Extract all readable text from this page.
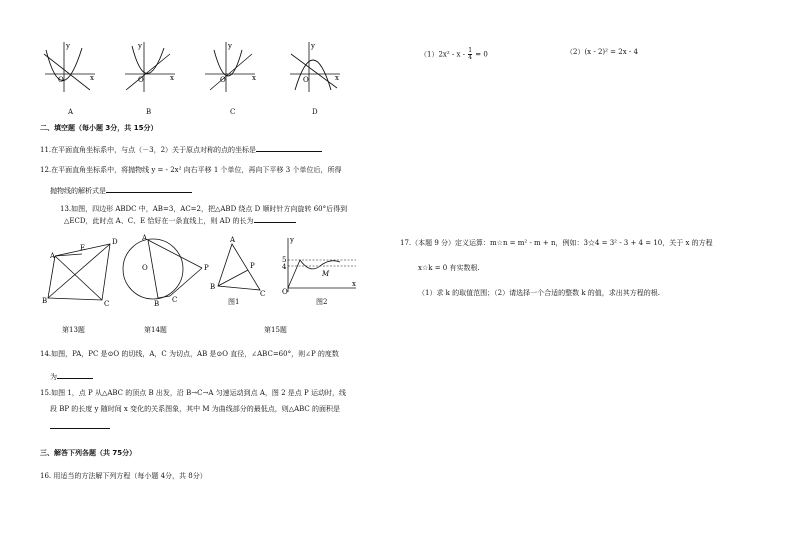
y
x
O
y
x
O
y
x
O
y
x
O
A	B	C	D
二、填空题（每小题 3分，共 15分）
11.在平面直角坐标系中，与点（－3，2）关于原点对称的点的坐标是
12.在平面直角坐标系中，将抛物线 y = - 2x² 向右平移 1 个单位，再向下平移 3 个单位后，所得
抛物线的解析式是
13.如图，四边形 ABDC 中，AB=3，AC=2，把△ABD 绕点 D 顺时针方向旋转 60°后得到
△ECD，此时点 A、C、E 恰好在一条直线上，则 AD 的长为
A
B	C
D
E
O
A
B C
P
A
B
C
P
图1
y
x
O
5
4
M
图2
第13题	第14题	第15题
14.如图，PA，PC 是⊙O 的切线，A，C 为切点，AB 是⊙O 直径，∠ABC=60°，则∠P 的度数
为
15.如图 1，点 P 从△ABC 的顶点 B 出发，沿 B→C→A 匀速运动到点 A，图 2 是点 P 运动时，线
段 BP 的长度 y 随时间 x 变化的关系图象，其中 M 为曲线部分的最低点，则△ABC 的面积是
三、解答下列各题（共 75分）
16. 用适当的方法解下列方程（每小题 4分，共 8分）
$(1)2x^2 - x - \frac{1}{4} = 0$	（2）(x - 2)² = 2x - 4
17.（本题 9 分）定义运算：m☆n = m² - m + n，例如：3☆4 = 3² - 3 + 4 = 10，关于 x 的方程
x☆k = 0 有实数根.
（1）求 k 的取值范围；（2）请选择一个合适的整数 k 的值，求出其方程的根.
